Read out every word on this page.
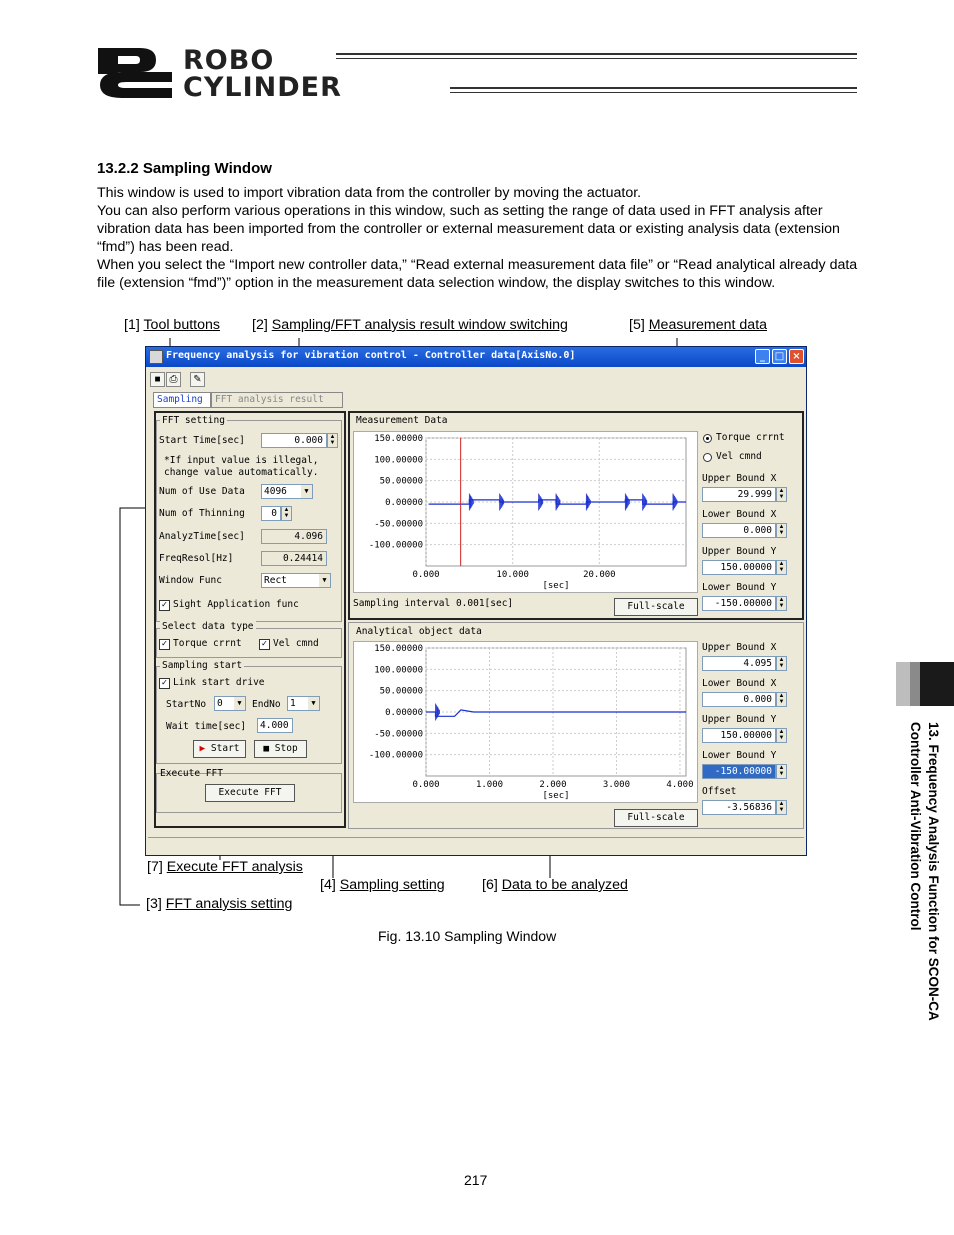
ROBO
CYLINDER
13.2.2 Sampling Window
This window is used to import vibration data from the controller by moving the actuator.
You can also perform various operations in this window, such as setting the range of data used in FFT analysis after vibration data has been imported from the controller or external measurement data or existing analysis data (extension “fmd”) has been read.
When you select the “Import new controller data,” “Read external measurement data file” or “Read analytical already data file (extension “fmd”)” option in the measurement data selection window, the display switches to this window.
[1] Tool buttons [2] Sampling/FFT analysis result window switching	[5] Measurement data
Frequency analysis for vibration control - Controller data[AxisNo.0]	_ □ ×
■ ⎙	✎
Sampling	FFT analysis result
FFT setting
Start Time[sec]	0.000	▲
▼
*If input value is illegal,
change value automatically.
Num of Use Data	4096	▼
Num of Thinning	0	▲
▼
AnalyzTime[sec]	4.096
FreqResol[Hz]	0.24414
Window Func	Rect	▼
✓ Sight Application func
Select data type
✓ Torque crrnt ✓ Vel cmnd
Sampling start
✓ Link start drive
StartNo	0	▼	EndNo 1	▼
Wait time[sec]	4.000
▶ Start	■ Stop
Execute FFT
Execute FFT
Measurement Data
150.00000
100.00000
50.00000
0.00000
-50.00000
-100.00000
0.000	10.000	20.000
[sec]
Sampling interval 0.001[sec]	Full-scale
Torque crrnt
Vel cmnd
Upper Bound X
29.999	▲
▼
Lower Bound X
0.000	▲
▼
Upper Bound Y
150.00000	▲
▼
Lower Bound Y
-150.00000	▲
▼
Analytical object data
150.00000
100.00000
50.00000
0.00000
-50.00000
-100.00000
0.000	1.000	2.000	3.000	4.000
[sec]
Full-scale
Upper Bound X
4.095	▲
▼
Lower Bound X
0.000	▲
▼
Upper Bound Y
150.00000	▲
▼
Lower Bound Y
-150.00000	▲
▼
Offset
-3.56836	▲
▼
[7] Execute FFT analysis
[4] Sampling setting	[6] Data to be analyzed
[3] FFT analysis setting
Fig. 13.10 Sampling Window
217
13. Frequency Analysis Function for SCON-CA
Controller Anti-Vibration Control
